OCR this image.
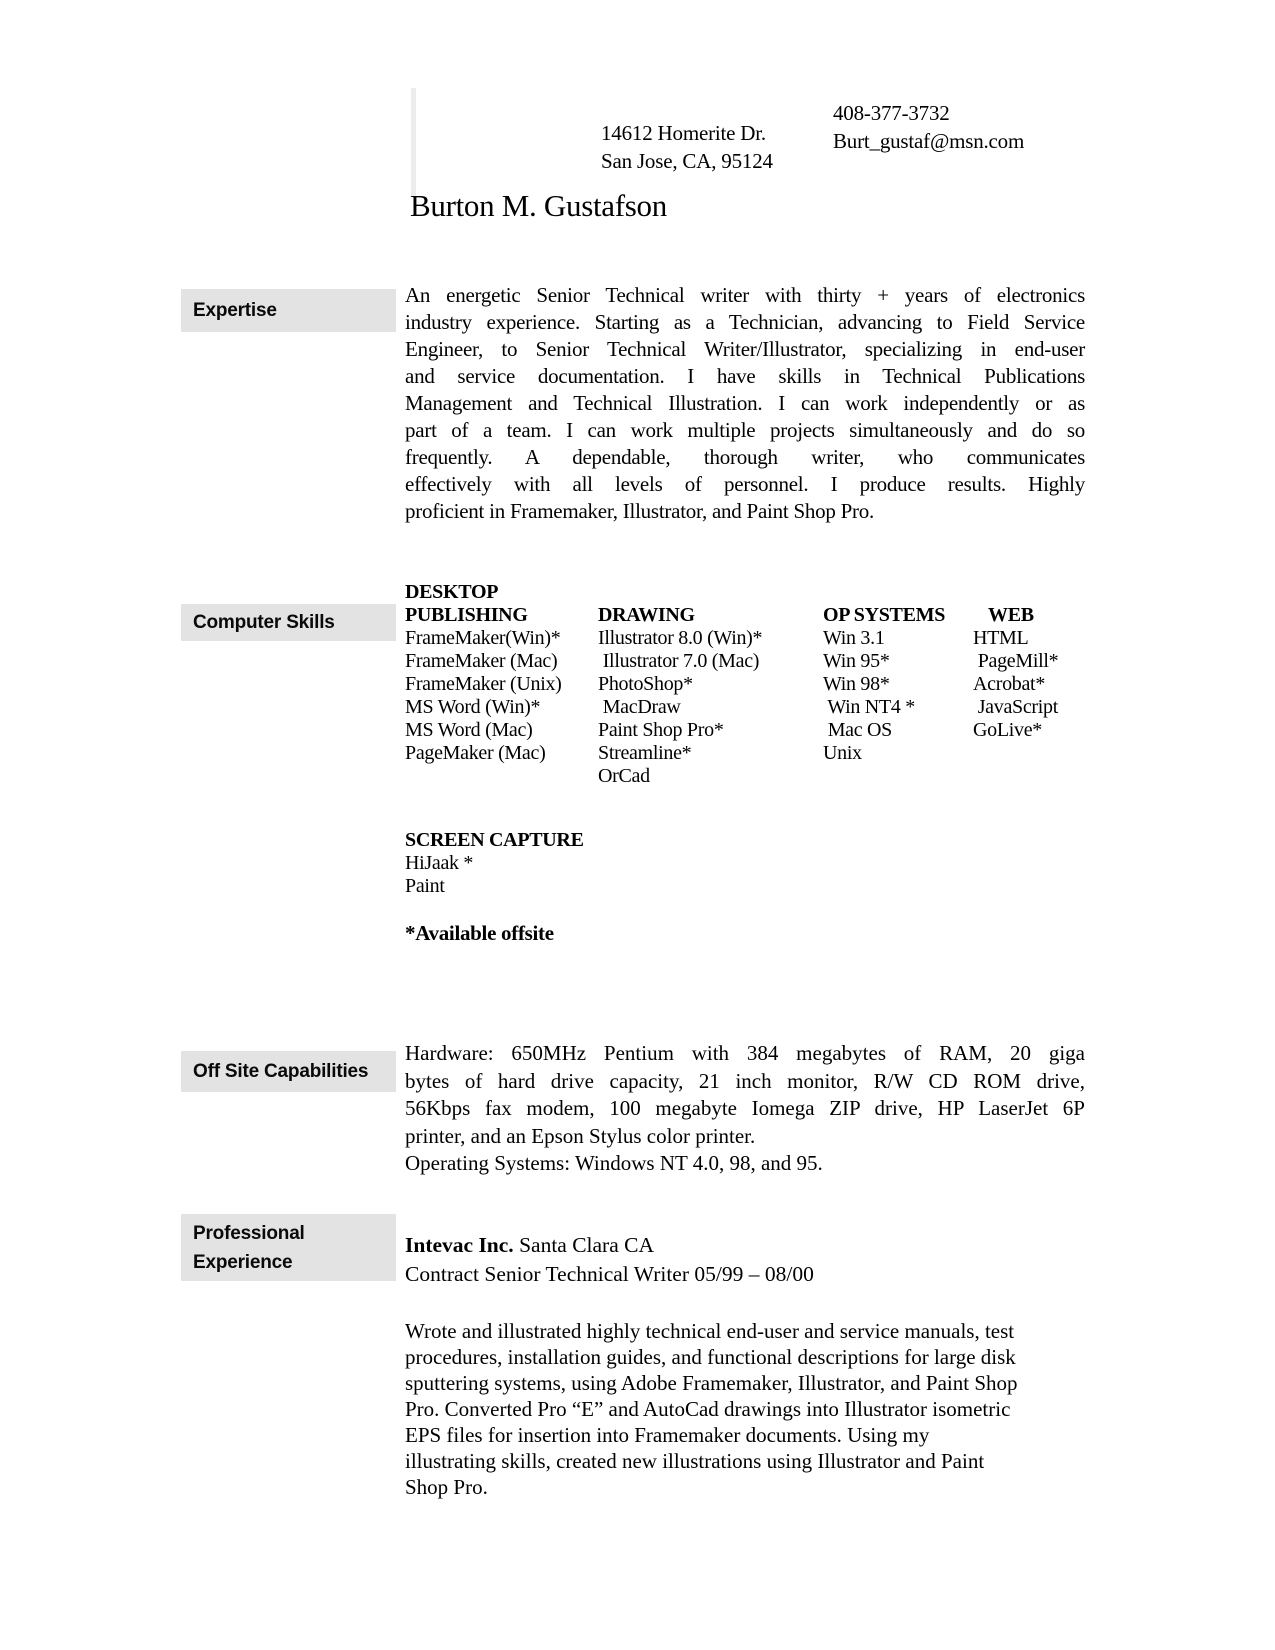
14612 Homerite Dr.
San Jose, CA, 95124
408-377-3732
Burt_gustaf@msn.com
Burton M. Gustafson
Expertise
An energetic Senior Technical writer with thirty + years of electronics
industry experience. Starting as a Technician, advancing to Field Service
Engineer, to Senior Technical Writer/Illustrator, specializing in end-user
and service documentation. I have skills in Technical Publications
Management and Technical Illustration. I can work independently or as
part of a team. I can work multiple projects simultaneously and do so
frequently. A dependable, thorough writer, who communicates
effectively with all levels of personnel. I produce results. Highly
proficient in Framemaker, Illustrator, and Paint Shop Pro.
Computer Skills
DESKTOP
PUBLISHING
FrameMaker(Win)*
FrameMaker (Mac)
FrameMaker (Unix)
MS Word (Win)*
MS Word (Mac)
PageMaker (Mac)
DRAWING
Illustrator 8.0 (Win)*
Illustrator 7.0 (Mac)
PhotoShop*
MacDraw
Paint Shop Pro*
Streamline*
OrCad
OP SYSTEMS
Win 3.1
Win 95*
Win 98*
Win NT4 *
Mac OS
Unix
WEB
HTML
PageMill*
Acrobat*
JavaScript
GoLive*
SCREEN CAPTURE
HiJaak *
Paint
*Available offsite
Off Site Capabilities
Hardware: 650MHz Pentium with 384 megabytes of RAM, 20 giga
bytes of hard drive capacity, 21 inch monitor, R/W CD ROM drive,
56Kbps fax modem, 100 megabyte Iomega ZIP drive, HP LaserJet 6P
printer, and an Epson Stylus color printer.
Operating Systems: Windows NT 4.0, 98, and 95.
Professional
Experience
Intevac Inc. Santa Clara CA
Contract Senior Technical Writer 05/99 – 08/00
Wrote and illustrated highly technical end-user and service manuals, test
procedures, installation guides, and functional descriptions for large disk
sputtering systems, using Adobe Framemaker, Illustrator, and Paint Shop
Pro. Converted Pro “E” and AutoCad drawings into Illustrator isometric
EPS files for insertion into Framemaker documents. Using my
illustrating skills, created new illustrations using Illustrator and Paint
Shop Pro.
